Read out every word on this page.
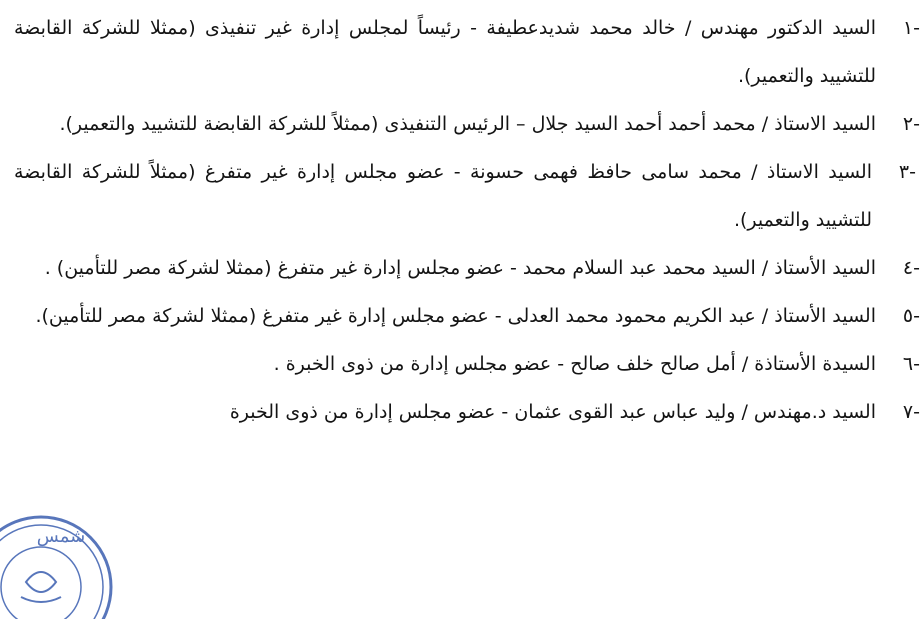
-١
السيد الدكتور مهندس / خالد محمد شديدعطيفة - رئيساً لمجلس إدارة غير تنفيذى (ممثلا للشركة القابضة للتشييد والتعمير).
-٢
السيد الاستاذ / محمد أحمد أحمد السيد جلال – الرئيس التنفيذى (ممثلاً للشركة القابضة للتشييد والتعمير).
-٣
السيد الاستاذ / محمد سامى حافظ فهمى حسونة - عضو مجلس إدارة غير متفرغ (ممثلاً للشركة القابضة للتشييد والتعمير).
-٤
السيد الأستاذ / السيد محمد عبد السلام محمد - عضو مجلس إدارة غير متفرغ (ممثلا لشركة مصر للتأمين) .
-٥
السيد الأستاذ / عبد الكريم محمود محمد العدلى - عضو مجلس إدارة غير متفرغ (ممثلا لشركة مصر للتأمين).
-٦
السيدة الأستاذة / أمل صالح خلف صالح - عضو مجلس إدارة من ذوى الخبرة .
-٧
السيد د.مهندس / وليد عباس عبد القوى عثمان - عضو مجلس إدارة من ذوى الخبرة
شمس
